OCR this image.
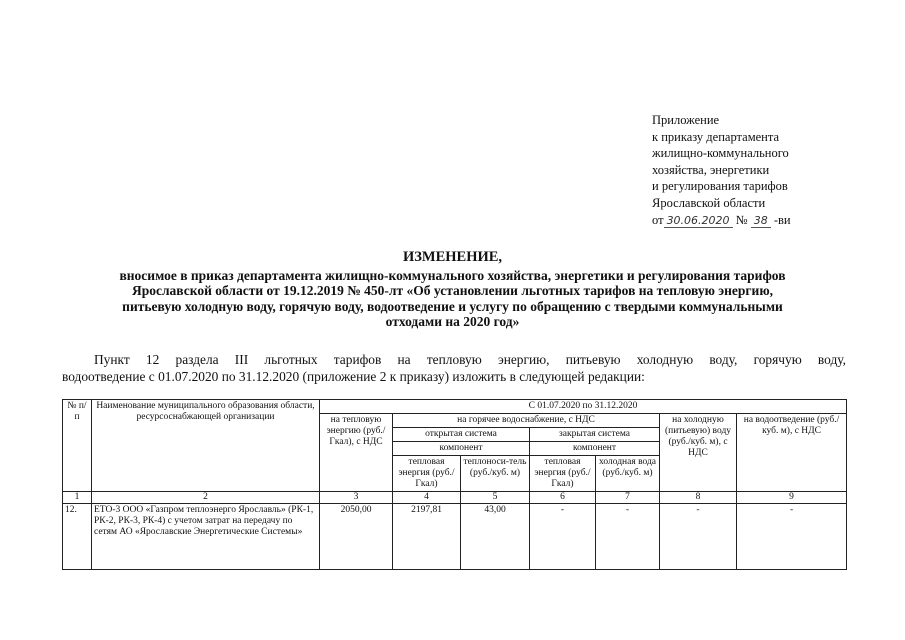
Приложение
к приказу департамента
жилищно-коммунального
хозяйства, энергетики
и регулирования тарифов
Ярославской области
от 30.06.2020 № 38 -ви
ИЗМЕНЕНИЕ,
вносимое в приказ департамента жилищно-коммунального хозяйства, энергетики и регулирования тарифов
Ярославской области от 19.12.2019 № 450-лт «Об установлении льготных тарифов на тепловую энергию,
питьевую холодную воду, горячую воду, водоотведение и услугу по обращению с твердыми коммунальными
отходами на 2020 год»
Пункт 12 раздела III льготных тарифов на тепловую энергию, питьевую холодную воду, горячую воду,
водоотведение с 01.07.2020 по 31.12.2020 (приложение 2 к приказу) изложить в следующей редакции:
№ п/п	Наименование муниципального образования области, ресурсоснабжающей организации	С 01.07.2020 по 31.12.2020						
		на тепловую энергию (руб./Гкал), с НДС	на горячее водоснабжение, с НДС				на холодную (питьевую) воду (руб./куб. м), с НДС	на водоотведение (руб./куб. м), с НДС
			открытая система		закрытая система			
			компонент		компонент			
			тепловая энергия (руб./Гкал)	теплоноси-тель (руб./куб. м)	тепловая энергия (руб./Гкал)	холодная вода (руб./куб. м)		
1	2	3	4	5	6	7	8	9
12.	ЕТО-3 ООО «Газпром теплоэнерго Ярославль» (РК-1, РК-2, РК-3, РК-4) с учетом затрат на передачу по сетям АО «Ярославские Энергетические Системы»	2050,00	2197,81	43,00	-	-	-	-
